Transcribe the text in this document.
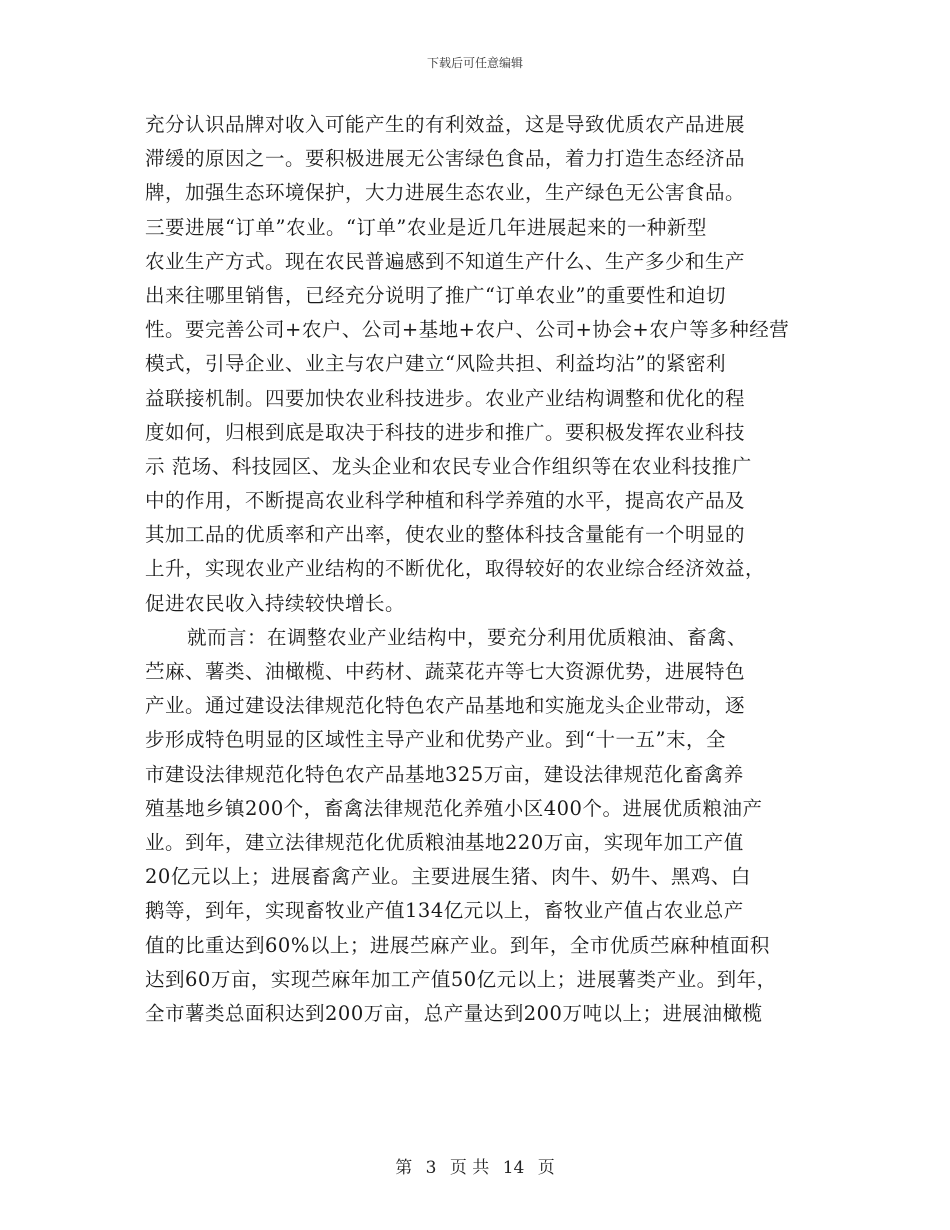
下载后可任意编辑
充分认识品牌对收入可能产生的有利效益，这是导致优质农产品进展
滞缓的原因之一。要积极进展无公害绿色食品，着力打造生态经济品
牌，加强生态环境保护，大力进展生态农业，生产绿色无公害食品。
三要进展“订单”农业。“订单”农业是近几年进展起来的一种新型
农业生产方式。现在农民普遍感到不知道生产什么、生产多少和生产
出来往哪里销售，已经充分说明了推广“订单农业”的重要性和迫切
性。要完善公司+农户、公司+基地+农户、公司+协会+农户等多种经营
模式，引导企业、业主与农户建立“风险共担、利益均沾”的紧密利
益联接机制。四要加快农业科技进步。农业产业结构调整和优化的程
度如何，归根到底是取决于科技的进步和推广。要积极发挥农业科技
示 范场、科技园区、龙头企业和农民专业合作组织等在农业科技推广
中的作用，不断提高农业科学种植和科学养殖的水平，提高农产品及
其加工品的优质率和产出率，使农业的整体科技含量能有一个明显的
上升，实现农业产业结构的不断优化，取得较好的农业综合经济效益，
促进农民收入持续较快增长。
就而言：在调整农业产业结构中，要充分利用优质粮油、畜禽、
苎麻、薯类、油橄榄、中药材、蔬菜花卉等七大资源优势，进展特色
产业。通过建设法律规范化特色农产品基地和实施龙头企业带动，逐
步形成特色明显的区域性主导产业和优势产业。到“十一五”末，全
市建设法律规范化特色农产品基地325万亩，建设法律规范化畜禽养
殖基地乡镇200个，畜禽法律规范化养殖小区400个。进展优质粮油产
业。到年，建立法律规范化优质粮油基地220万亩，实现年加工产值
20亿元以上；进展畜禽产业。主要进展生猪、肉牛、奶牛、黑鸡、白
鹅等，到年，实现畜牧业产值134亿元以上，畜牧业产值占农业总产
值的比重达到60%以上；进展苎麻产业。到年，全市优质苎麻种植面积
达到60万亩，实现苎麻年加工产值50亿元以上；进展薯类产业。到年，
全市薯类总面积达到200万亩，总产量达到200万吨以上；进展油橄榄
第 3 页 共 14 页
